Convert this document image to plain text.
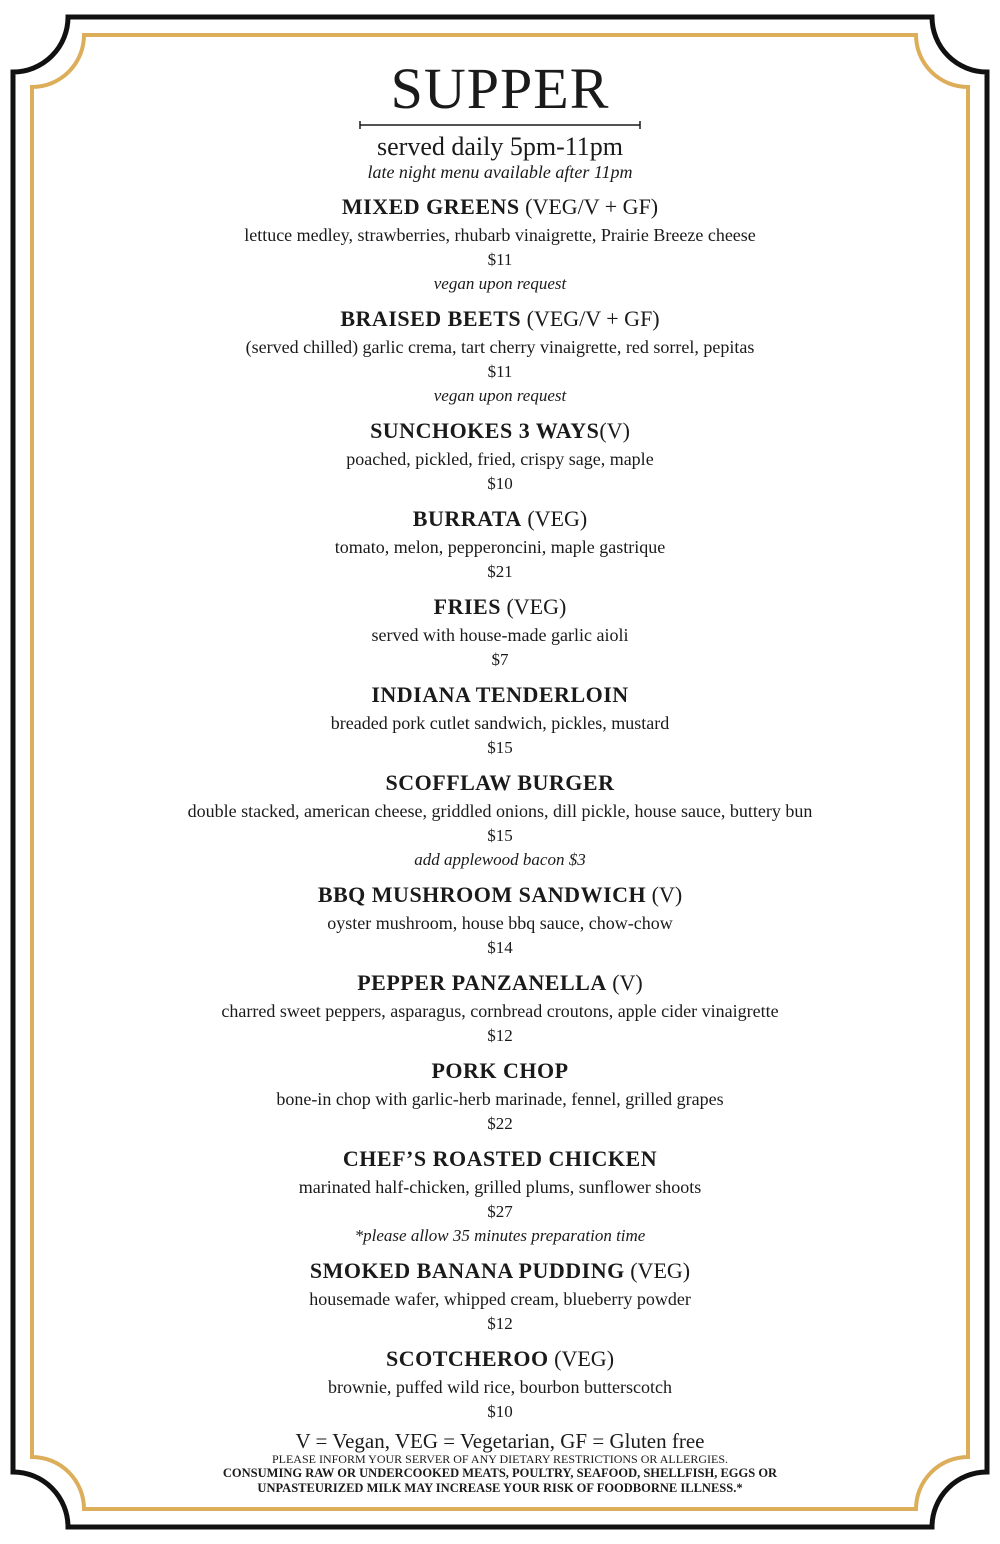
SUPPER
served daily 5pm-11pm
late night menu available after 11pm
MIXED GREENS (VEG/V + GF)
lettuce medley, strawberries, rhubarb vinaigrette, Prairie Breeze cheese
$11
vegan upon request
BRAISED BEETS (VEG/V + GF)
(served chilled) garlic crema, tart cherry vinaigrette, red sorrel, pepitas
$11
vegan upon request
SUNCHOKES 3 WAYS(V)
poached, pickled, fried, crispy sage, maple
$10
BURRATA (VEG)
tomato, melon, pepperoncini, maple gastrique
$21
FRIES (VEG)
served with house-made garlic aioli
$7
INDIANA TENDERLOIN
breaded pork cutlet sandwich, pickles, mustard
$15
SCOFFLAW BURGER
double stacked, american cheese, griddled onions, dill pickle, house sauce, buttery bun
$15
add applewood bacon $3
BBQ MUSHROOM SANDWICH (V)
oyster mushroom, house bbq sauce, chow-chow
$14
PEPPER PANZANELLA (V)
charred sweet peppers, asparagus, cornbread croutons, apple cider vinaigrette
$12
PORK CHOP
bone-in chop with garlic-herb marinade, fennel, grilled grapes
$22
CHEF’S ROASTED CHICKEN
marinated half-chicken, grilled plums, sunflower shoots
$27
*please allow 35 minutes preparation time
SMOKED BANANA PUDDING (VEG)
housemade wafer, whipped cream, blueberry powder
$12
SCOTCHEROO (VEG)
brownie, puffed wild rice, bourbon butterscotch
$10
V = Vegan, VEG = Vegetarian, GF = Gluten free
PLEASE INFORM YOUR SERVER OF ANY DIETARY RESTRICTIONS OR ALLERGIES.
CONSUMING RAW OR UNDERCOOKED MEATS, POULTRY, SEAFOOD, SHELLFISH, EGGS OR
UNPASTEURIZED MILK MAY INCREASE YOUR RISK OF FOODBORNE ILLNESS.*
